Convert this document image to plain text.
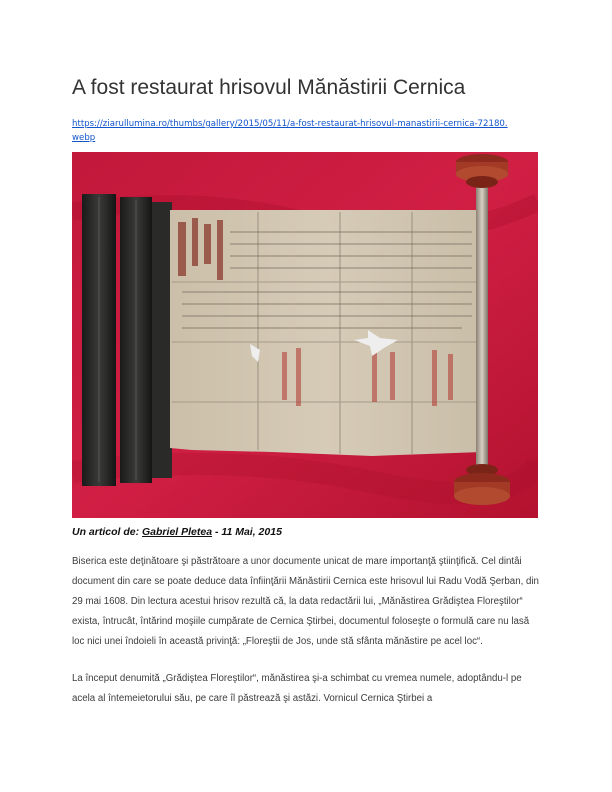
A fost restaurat hrisovul Mănăstirii Cernica
https://ziarullumina.ro/thumbs/gallery/2015/05/11/a-fost-restaurat-hrisovul-manastirii-cernica-72180.webp
Un articol de: Gabriel Pletea - 11 Mai, 2015

Biserica este deţinătoare şi păstrătoare a unor documente unicat de mare importanţă ştiinţifică. Cel dintâi document din care se poate deduce data înfiinţării Mănăstirii Cernica este hrisovul lui Radu Vodă Şerban, din 29 mai 1608. Din lectura acestui hrisov rezultă că, la data redactării lui, „Mănăstirea Grădiştea Floreştilor“ exista, întrucât, întărind moşiile cumpărate de Cernica Ştirbei, documentul foloseşte o formulă care nu lasă loc nici unei îndoieli în această privinţă: „Floreştii de Jos, unde stă sfânta mănăstire pe acel loc“.

La început denumită „Grădiştea Floreştilor“, mănăstirea şi-a schimbat cu vremea numele, adoptându-l pe acela al întemeietorului său, pe care îl păstrează şi astăzi. Vornicul Cernica Ştirbei a
